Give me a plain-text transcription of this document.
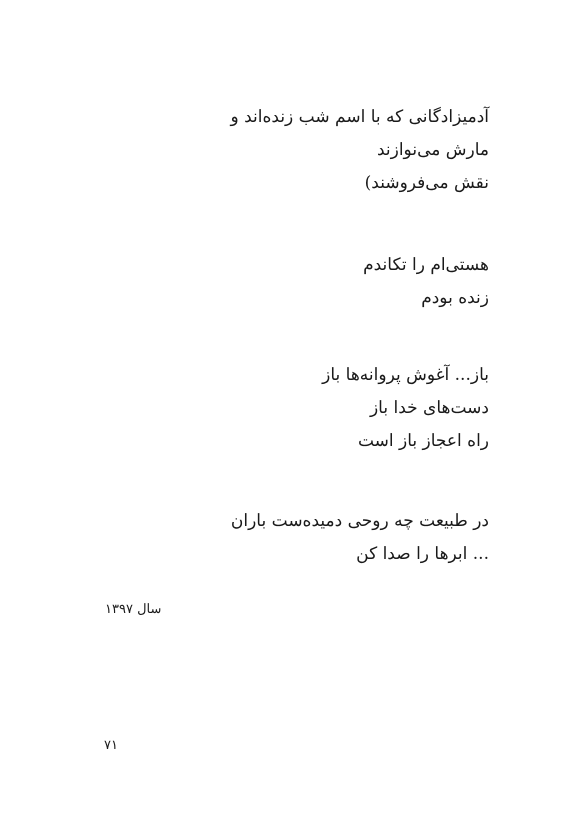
آدمیزادگانی که با اسم شب زنده‌اند و
مارش می‌نوازند
نقش می‌فروشند)
هستی‌ام را تکاندم
زنده بودم
باز... آغوش پروانه‌ها باز
دست‌های خدا باز
راه اعجاز باز است
در طبیعت چه روحی دمیده‌ست باران
... ابرها را صدا کن
سال ۱۳۹۷
۷۱
